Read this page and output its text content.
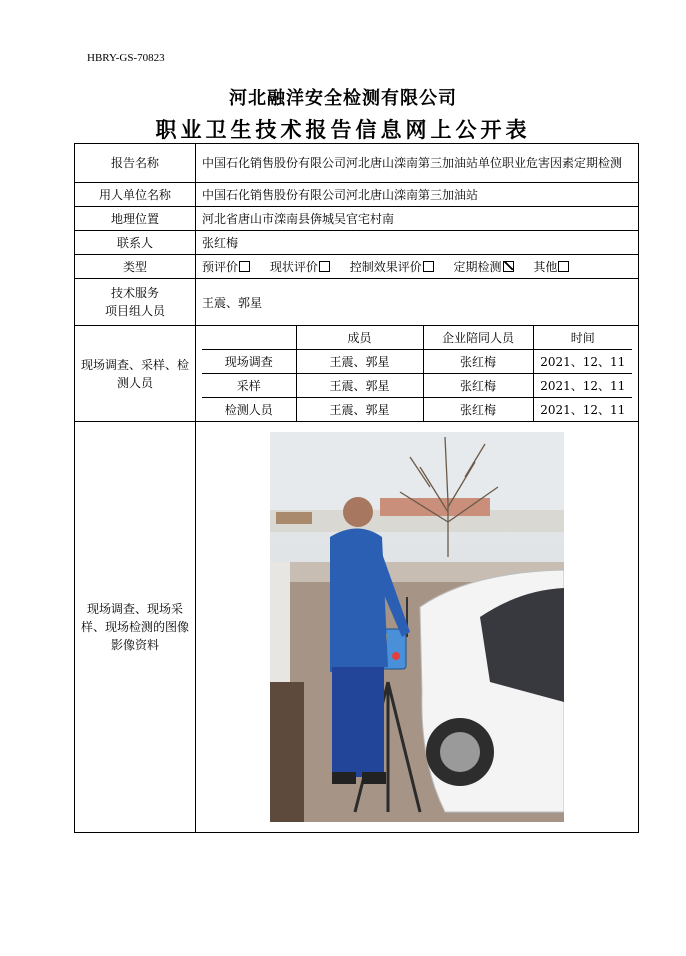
HBRY-GS-70823
河北融洋安全检测有限公司
职业卫生技术报告信息网上公开表
报告名称	中国石化销售股份有限公司河北唐山滦南第三加油站单位职业危害因素定期检测
用人单位名称	中国石化销售股份有限公司河北唐山滦南第三加油站
地理位置	河北省唐山市滦南县倴城吴官宅村南
联系人	张红梅
类型	预评价	现状评价	控制效果评价	定期检测	其他

技术服务
项目组人员
	王震、郭星
现场调查、采样、检测人员	
	成员	企业陪同人员	时间
现场调查	王震、郭星	张红梅	2021、12、11
采样	王震、郭星	张红梅	2021、12、11
检测人员	王震、郭星	张红梅	2021、12、11

现场调查、现场采样、现场检测的图像影像资料	
